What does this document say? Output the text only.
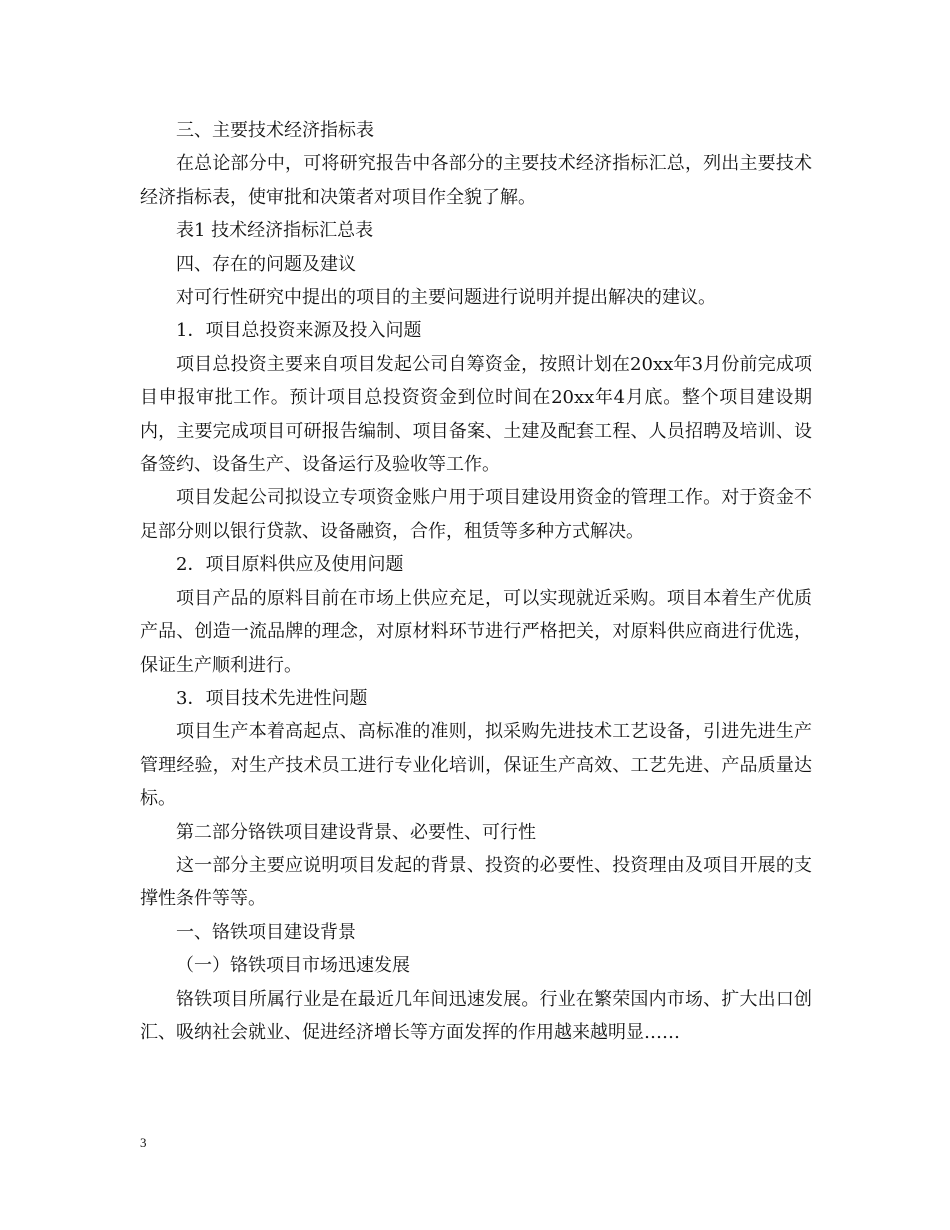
三、主要技术经济指标表

在总论部分中，可将研究报告中各部分的主要技术经济指标汇总，列出主要技术经济指标表，使审批和决策者对项目作全貌了解。

表1 技术经济指标汇总表

四、存在的问题及建议

对可行性研究中提出的项目的主要问题进行说明并提出解决的建议。

1．项目总投资来源及投入问题

项目总投资主要来自项目发起公司自筹资金，按照计划在20xx年3月份前完成项目申报审批工作。预计项目总投资资金到位时间在20xx年4月底。整个项目建设期内，主要完成项目可研报告编制、项目备案、土建及配套工程、人员招聘及培训、设备签约、设备生产、设备运行及验收等工作。

项目发起公司拟设立专项资金账户用于项目建设用资金的管理工作。对于资金不足部分则以银行贷款、设备融资，合作，租赁等多种方式解决。

2．项目原料供应及使用问题

项目产品的原料目前在市场上供应充足，可以实现就近采购。项目本着生产优质产品、创造一流品牌的理念，对原材料环节进行严格把关，对原料供应商进行优选，保证生产顺利进行。

3．项目技术先进性问题

项目生产本着高起点、高标准的准则，拟采购先进技术工艺设备，引进先进生产管理经验，对生产技术员工进行专业化培训，保证生产高效、工艺先进、产品质量达标。

第二部分铬铁项目建设背景、必要性、可行性

这一部分主要应说明项目发起的背景、投资的必要性、投资理由及项目开展的支撑性条件等等。

一、铬铁项目建设背景

（一）铬铁项目市场迅速发展

铬铁项目所属行业是在最近几年间迅速发展。行业在繁荣国内市场、扩大出口创汇、吸纳社会就业、促进经济增长等方面发挥的作用越来越明显……

3
